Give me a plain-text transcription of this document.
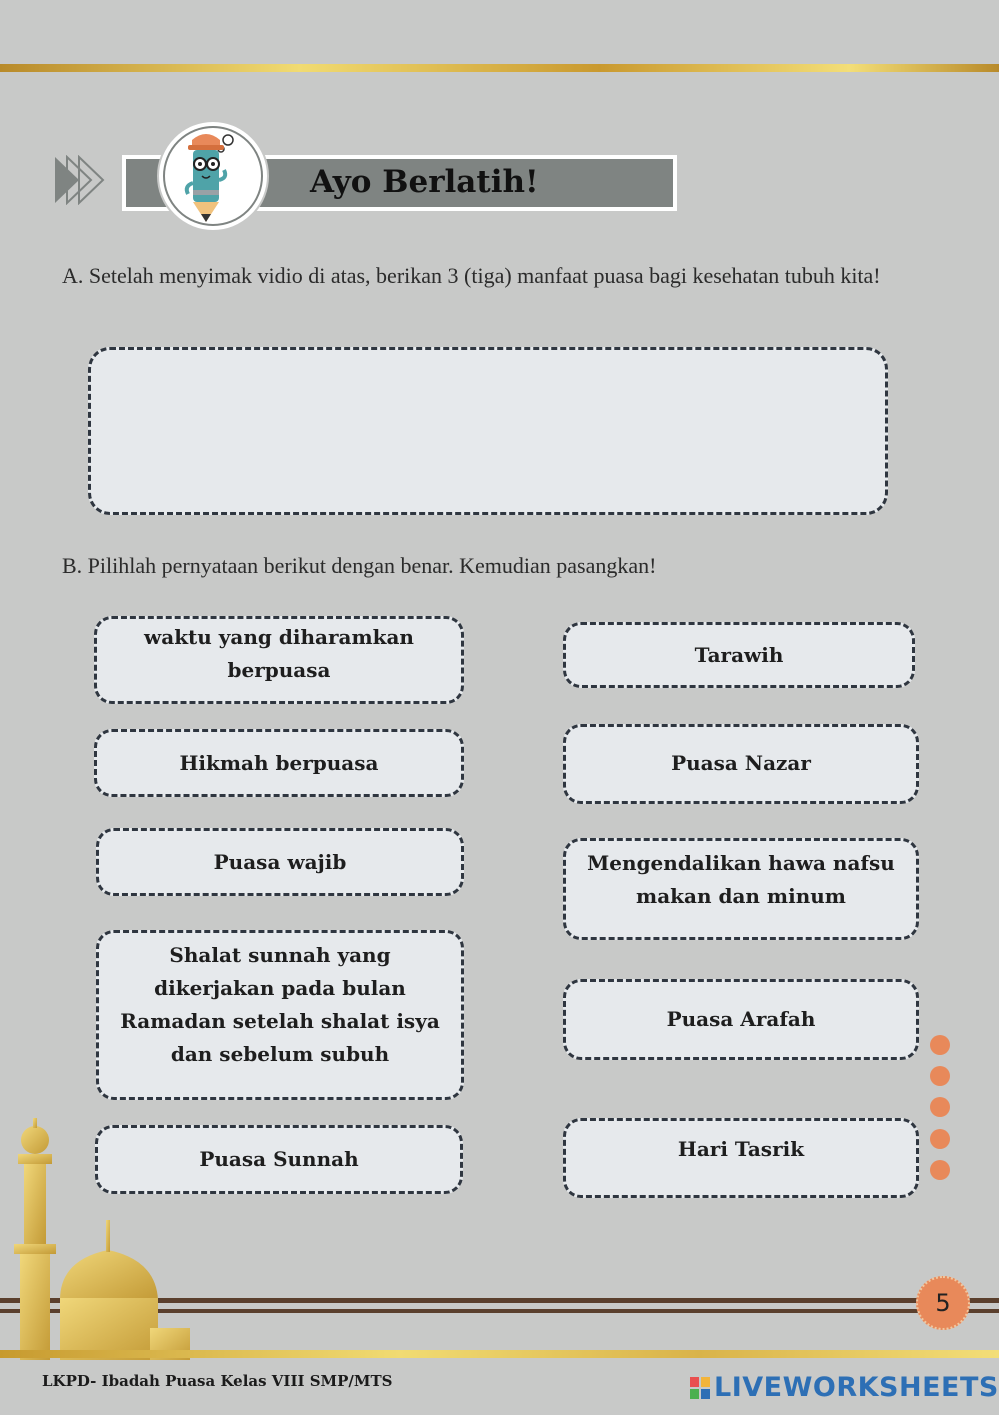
Ayo Berlatih!
A. Setelah menyimak vidio di atas, berikan 3 (tiga) manfaat puasa bagi kesehatan tubuh kita!
B. Pilihlah pernyataan berikut dengan benar. Kemudian pasangkan!
waktu yang diharamkan berpuasa
Hikmah berpuasa
Puasa wajib
Shalat sunnah yang dikerjakan pada bulan Ramadan setelah shalat isya dan sebelum subuh
Puasa Sunnah
Tarawih
Puasa Nazar
Mengendalikan hawa nafsu makan dan minum
Puasa Arafah
Hari Tasrik
5
LKPD- Ibadah Puasa Kelas VIII SMP/MTS	LIVEWORKSHEETS
